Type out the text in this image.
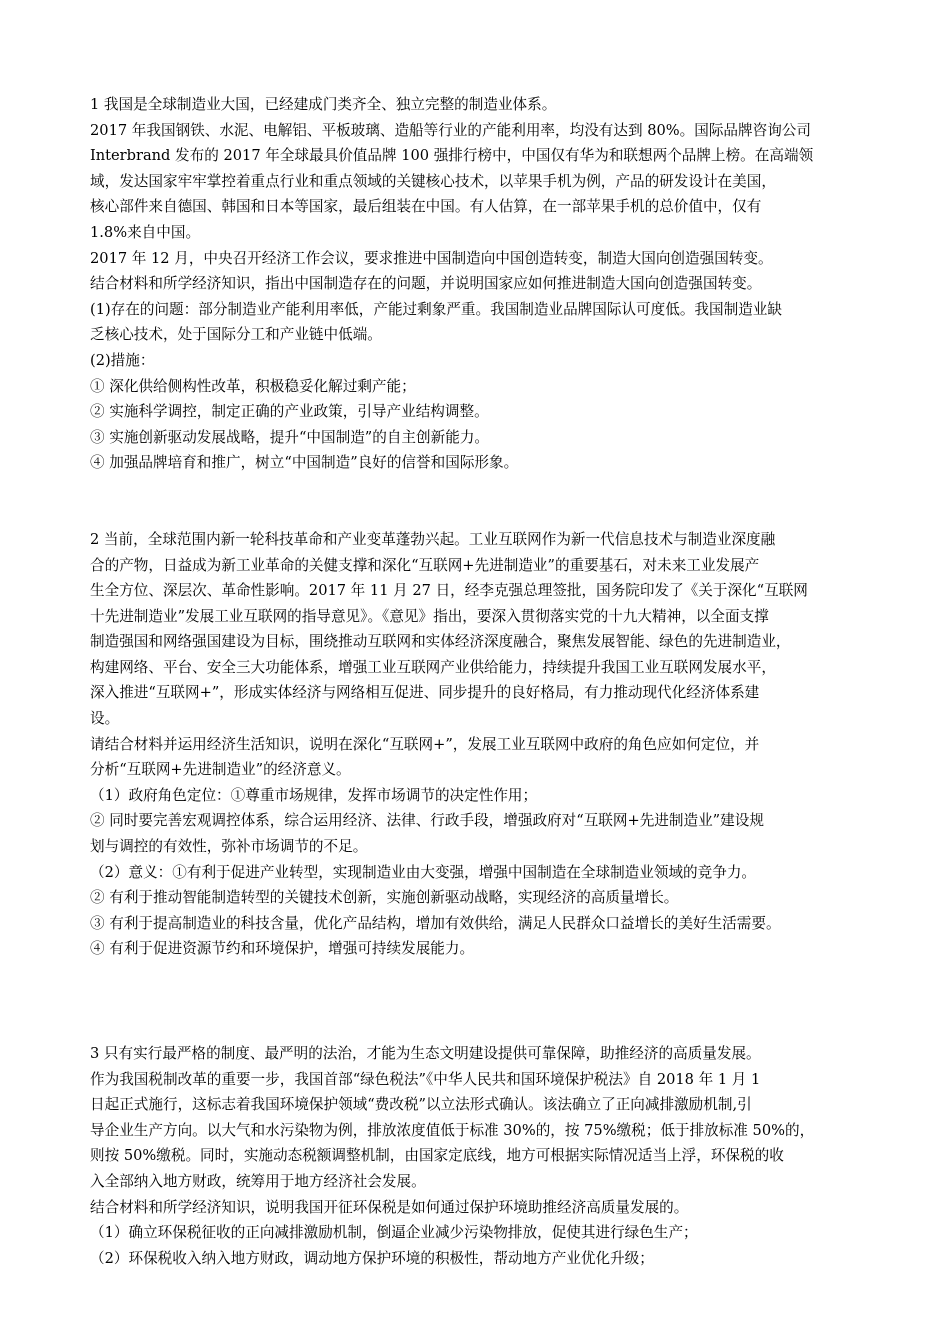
1 我国是全球制造业大国，已经建成门类齐全、独立完整的制造业体系。
2017 年我国钢铁、水泥、电解铝、平板玻璃、造船等行业的产能利用率，均没有达到 80%。国际品牌咨询公司
Interbrand 发布的 2017 年全球最具价值品牌 100 强排行榜中，中国仅有华为和联想两个品牌上榜。在高端领
域，发达国家牢牢掌控着重点行业和重点领域的关键核心技术，以苹果手机为例，产品的研发设计在美国，
核心部件来自德国、韩国和日本等国家，最后组装在中国。有人估算，在一部苹果手机的总价值中，仅有
1.8%来自中国。
2017 年 12 月，中央召开经济工作会议，要求推进中国制造向中国创造转变，制造大国向创造强国转变。
结合材料和所学经济知识，指出中国制造存在的问题，并说明国家应如何推进制造大国向创造强国转变。
(1)存在的问题：部分制造业产能利用率低，产能过剩象严重。我国制造业品牌国际认可度低。我国制造业缺
乏核心技术，处于国际分工和产业链中低端。
(2)措施：
① 深化供给侧构性改革，积极稳妥化解过剩产能；
② 实施科学调控，制定正确的产业政策，引导产业结构调整。
③ 实施创新驱动发展战略，提升“中国制造”的自主创新能力。
④ 加强品牌培育和推广，树立“中国制造”良好的信誉和国际形象。
2 当前，全球范围内新一轮科技革命和产业变革蓬勃兴起。工业互联网作为新一代信息技术与制造业深度融
合的产物，日益成为新工业革命的关健支撑和深化“互联网+先进制造业”的重要基石，对未来工业发展产
生全方位、深层次、革命性影响。2017 年 11 月 27 日，经李克强总理签批，国务院印发了《关于深化“互联网
十先进制造业”发展工业互联网的指导意见》。《意见》指出，要深入贯彻落实党的十九大精神，以全面支撑
制造强国和网络强国建设为目标，围绕推动互联网和实体经济深度融合，聚焦发展智能、绿色的先进制造业，
构建网络、平台、安全三大功能体系，增强工业互联网产业供给能力，持续提升我国工业互联网发展水平，
深入推进“互联网+”，形成实体经济与网络相互促进、同步提升的良好格局，有力推动现代化经济体系建
设。
请结合材料并运用经济生活知识，说明在深化“互联网+”，发展工业互联网中政府的角色应如何定位，并
分析“互联网+先进制造业”的经济意义。
（1）政府角色定位：①尊重市场规律，发挥市场调节的决定性作用；
② 同时要完善宏观调控体系，综合运用经济、法律、行政手段，增强政府对“互联网+先进制造业”建设规
划与调控的有效性，弥补市场调节的不足。
（2）意义：①有利于促进产业转型，实现制造业由大变强，增强中国制造在全球制造业领域的竞争力。
② 有利于推动智能制造转型的关键技术创新，实施创新驱动战略，实现经济的高质量增长。
③ 有利于提高制造业的科技含量，优化产品结构，增加有效供给，满足人民群众口益增长的美好生活需要。
④ 有利于促进资源节约和环境保护，增强可持续发展能力。
3 只有实行最严格的制度、最严明的法治，才能为生态文明建设提供可靠保障，助推经济的高质量发展。
作为我国税制改革的重要一步，我国首部“绿色税法”《中华人民共和国环境保护税法》自 2018 年 1 月 1
日起正式施行，这标志着我国环境保护领域“费改税”以立法形式确认。该法确立了正向减排激励机制,引
导企业生产方向。以大气和水污染物为例，排放浓度值低于标准 30%的，按 75%缴税；低于排放标准 50%的，
则按 50%缴税。同时，实施动态税额调整机制，由国家定底线，地方可根据实际情况适当上浮，环保税的收
入全部纳入地方财政，统筹用于地方经济社会发展。
结合材料和所学经济知识，说明我国开征环保税是如何通过保护环境助推经济高质量发展的。
（1）确立环保税征收的正向减排激励机制，倒逼企业减少污染物排放，促使其进行绿色生产；
（2）环保税收入纳入地方财政，调动地方保护环境的积极性，帮动地方产业优化升级；
